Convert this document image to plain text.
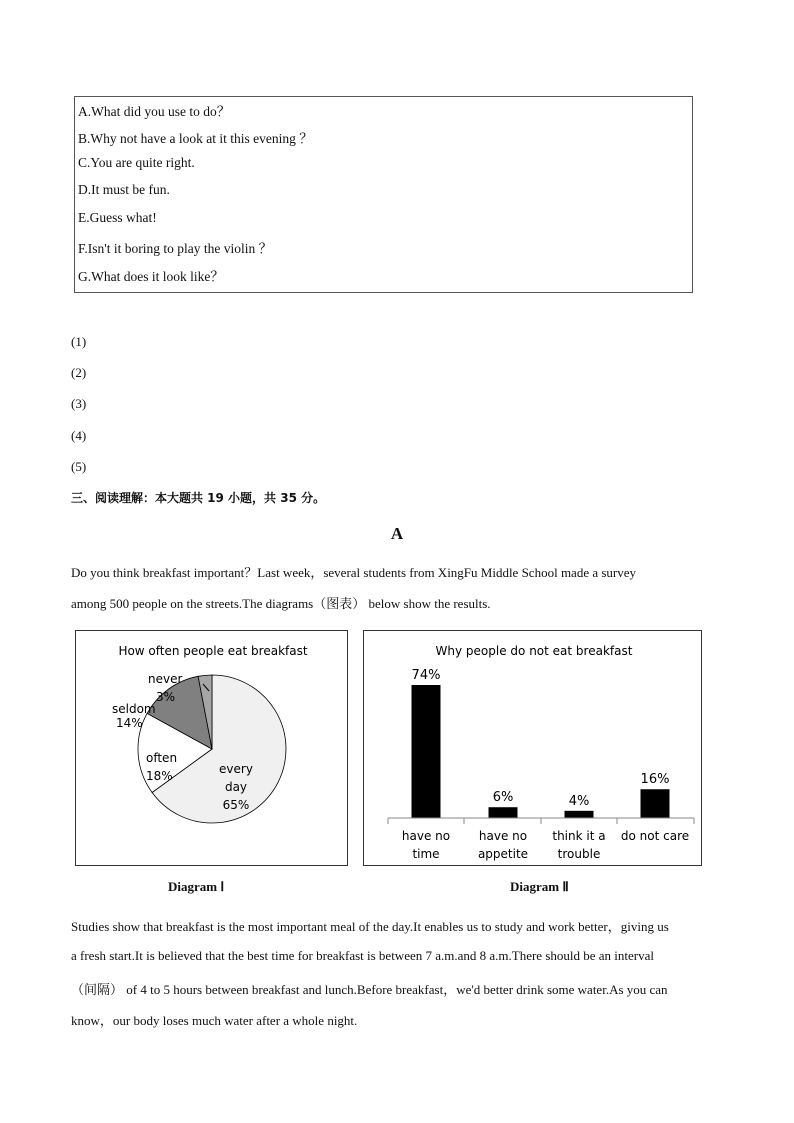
A.What did you use to do？
B.Why not have a look at it this evening ？
C.You are quite right.
D.It must be fun.
E.Guess what!
F.Isn't it boring to play the violin ？
G.What does it look like？
(1)
(2)
(3)
(4)
(5)
三、阅读理解：本大题共 19 小题，共 35 分。
A
Do you think breakfast important？Last week，several students from XingFu Middle School made a survey
among 500 people on the streets.The diagrams（图表） below show the results.
How often people eat breakfast
never
3%
seldom
14%
often
18%	every
day
65%
Why people do not eat breakfast
74%
6%	4%
16%
have no
time
have no
appetite
think it a
trouble
do not care
Diagram Ⅰ	Diagram Ⅱ
Studies show that breakfast is the most important meal of the day.It enables us to study and work better，giving us
a fresh start.It is believed that the best time for breakfast is between 7 a.m.and 8 a.m.There should be an interval
（间隔） of 4 to 5 hours between breakfast and lunch.Before breakfast，we'd better drink some water.As you can
know，our body loses much water after a whole night.
